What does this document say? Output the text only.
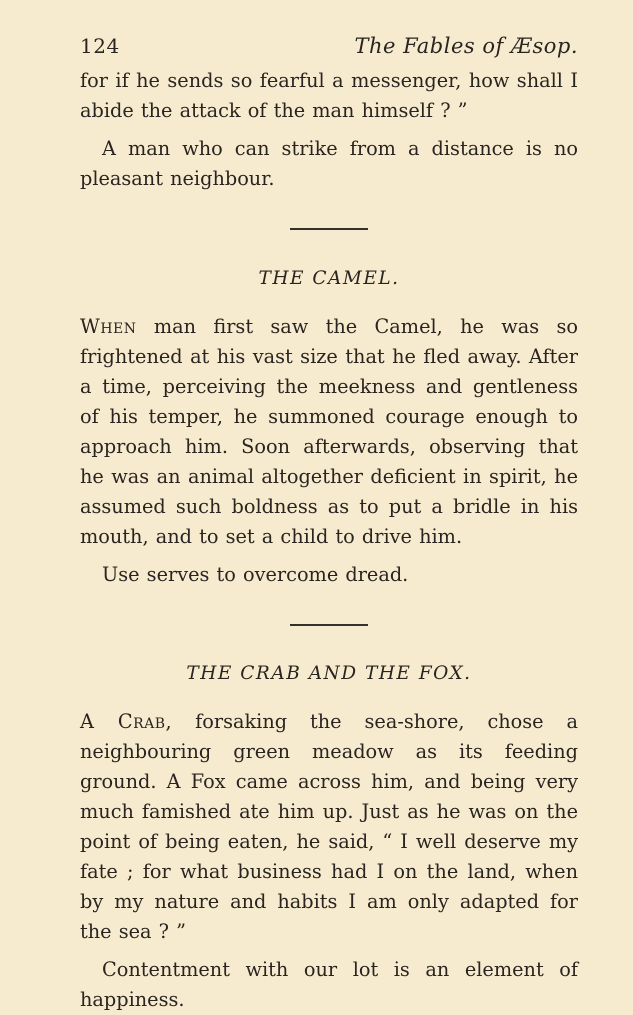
124	The Fables of Æsop.

for if he sends so fearful a messenger, how shall I abide the attack of the man himself ? ”

A man who can strike from a distance is no pleasant neighbour.

THE CAMEL.

When man first saw the Camel, he was so frightened at his vast size that he fled away. After a time, perceiving the meekness and gentleness of his temper, he summoned courage enough to approach him. Soon afterwards, observing that he was an animal altogether deficient in spirit, he assumed such boldness as to put a bridle in his mouth, and to set a child to drive him.

Use serves to overcome dread.

THE CRAB AND THE FOX.

A Crab, forsaking the sea-shore, chose a neighbouring green meadow as its feeding ground. A Fox came across him, and being very much famished ate him up. Just as he was on the point of being eaten, he said, “ I well deserve my fate ; for what business had I on the land, when by my nature and habits I am only adapted for the sea ? ”

Contentment with our lot is an element of happiness.
